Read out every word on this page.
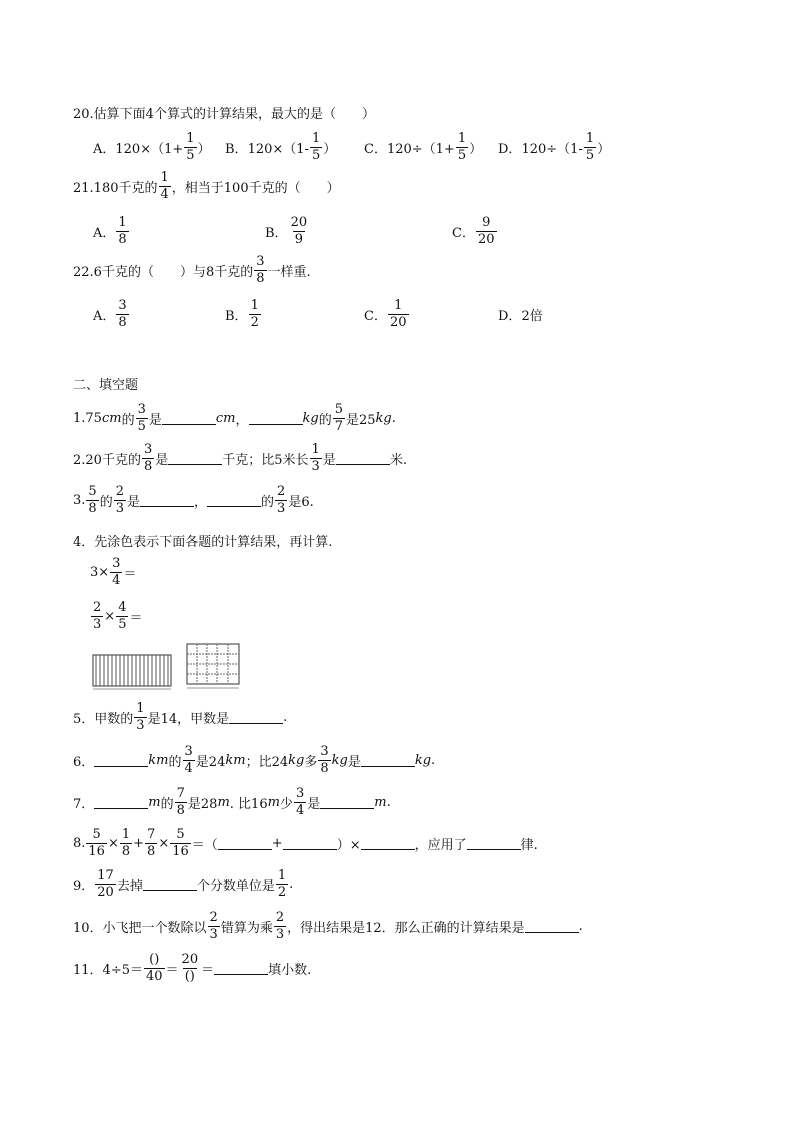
20.估算下面4个算式的计算结果，最大的是（　　）
A． $120\times(1+ \frac{1}{5}$ ） B． $120\times(1- \frac{1}{5}$ ） C． $120\div(1+ \frac{1}{5}$ ） D． $120\div(1- \frac{1}{5}$ ）
21.180千克的 $\frac{1}{4}$ ，相当于100千克的（　　）
A． $\frac{1}{8}$	B． $\frac{20}{9}$	C． $\frac{9}{20}$
22.6千克的（　　）与8千克的 $\frac{3}{8}$ 一样重.
A． $\frac{3}{8}$	B． $\frac{1}{2}$	C． $\frac{1}{20}$	D． 2倍
二、填空题
1.75 cm 的 $\frac{3}{5}$ 是	cm ，	kg 的 $\frac{5}{7}$ 是25 kg .
2.20千克的 $\frac{3}{8}$ 是	千克；比5米长 $\frac{1}{3}$ 是	米.
3. $\frac{5}{8}$ 的 $\frac{2}{3}$ 是	，	的 $\frac{2}{3}$ 是6.
4．先涂色表示下面各题的计算结果，再计算.
$3\times \frac{3}{4}$ ＝
$\frac{2}{3} \times \frac{4}{5}$ ＝
5．甲数的 $\frac{1}{3}$ 是14，甲数是	.
6．	km 的 $\frac{3}{4}$ 是24 km ；比24 kg 多 $\frac{3}{8}$ kg 是	kg .
7．	m 的 $\frac{7}{8}$ 是28 m . 比16 m 少 $\frac{3}{4}$ 是	m .
8. $\frac{5}{16} \times \frac{1}{8} + \frac{7}{8} \times \frac{5}{16}$ ＝（	+	）×	，应用了	律.
9． $\frac{17}{20}$ 去掉	个分数单位是 $\frac{1}{2}$ .
10．小飞把一个数除以 $\frac{2}{3}$ 错算为乘 $\frac{2}{3}$ ，得出结果是12．那么正确的计算结果是	.
11．4÷5＝
()
40 ＝
20
() ＝	填小数.
